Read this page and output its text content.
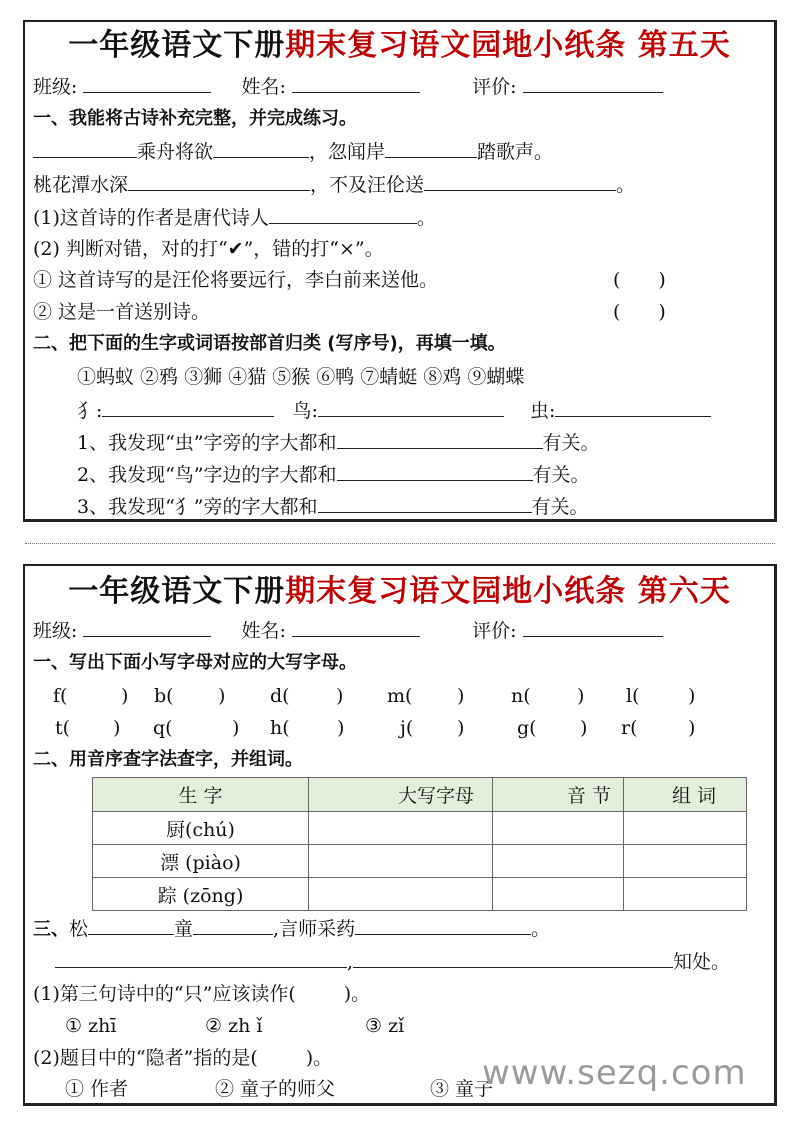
一年级语文下册期末复习语文园地小纸条 第五天
班级:	姓名:	评价:
一、我能将古诗补充完整，并完成练习。
乘舟将欲	，忽闻岸	踏歌声。
桃花潭水深	，不及汪伦送	。
(1)这首诗的作者是唐代诗人	。
(2) 判断对错，对的打“✔”，错的打“×”。
① 这首诗写的是汪伦将要远行，李白前来送他。	(　　)
② 这是一首送别诗。	(　　)
二、把下面的生字或词语按部首归类 (写序号)，再填一填。
①蚂蚁 ②鸦 ③狮 ④猫 ⑤猴 ⑥鸭 ⑦蜻蜓 ⑧鸡 ⑨蝴蝶
犭:	鸟:	虫:
1、我发现“虫”字旁的字大都和	有关。
2、我发现“鸟”字边的字大都和	有关。
3、我发现“犭”旁的字大都和	有关。
一年级语文下册期末复习语文园地小纸条 第六天
班级:	姓名:	评价:
一、写出下面小写字母对应的大写字母。
f(	) b( ) d( ) m( ) n( ) l(	)
t( ) q(	) h( )	j( )	g( ) r(	)
二、用音序查字法查字，并组词。
生 字	大写字母	音 节	组 词
厨(chú)			
漂 (piào)			
踪 (zōng)			
三、松	童	,言师采药	。
,	知处。
(1)第三句诗中的“只”应该读作(	)。
① zhī	② zh ǐ	③ zǐ
(2)题目中的“隐者”指的是(	)。
① 作者	② 童子的师父	③ 童子
www.sezq.com
